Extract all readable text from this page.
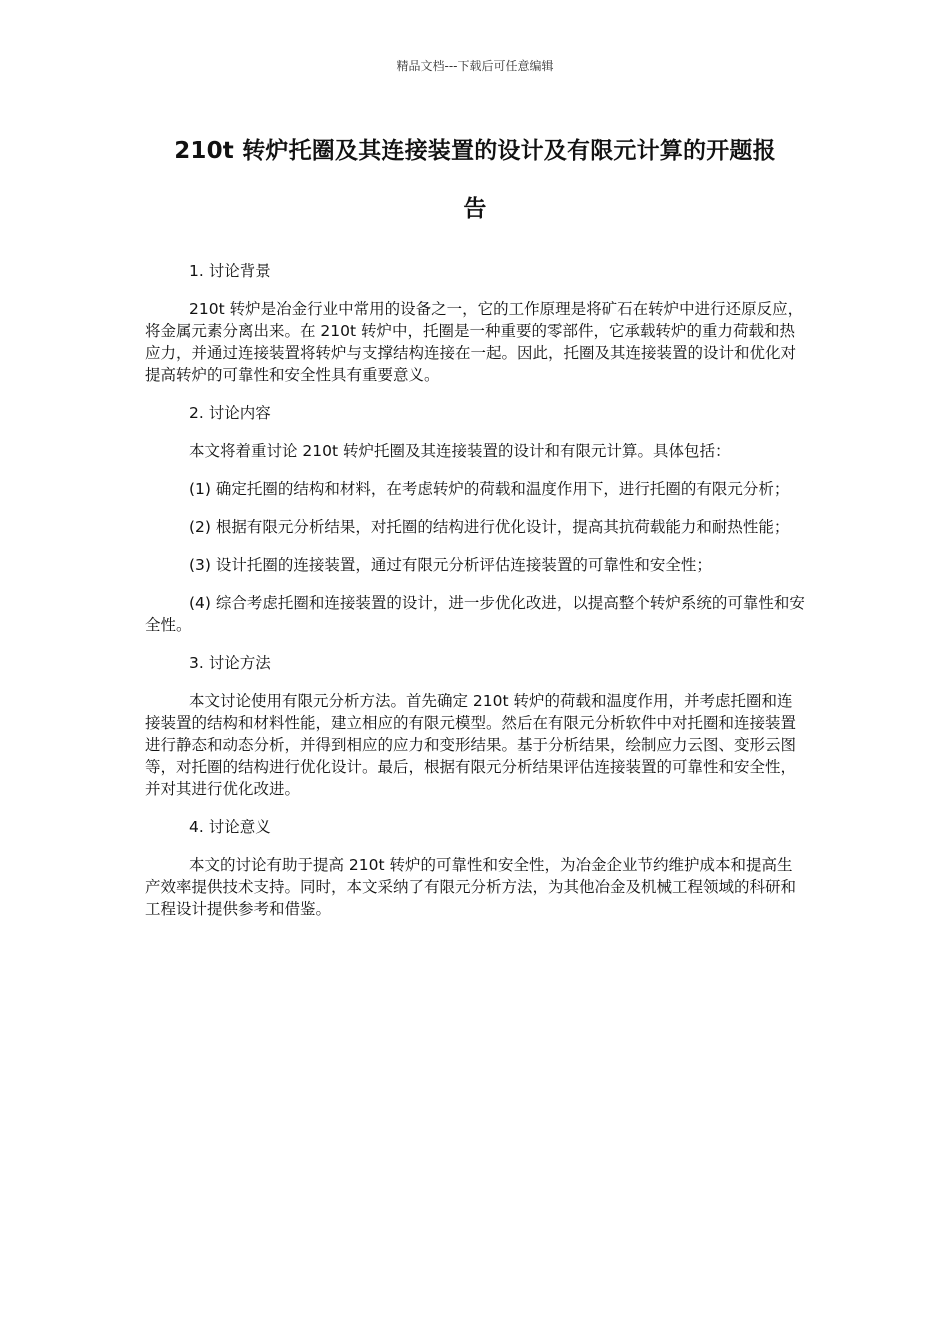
精品文档---下载后可任意编辑
210t 转炉托圈及其连接装置的设计及有限元计算的开题报
告

1. 讨论背景

210t 转炉是冶金行业中常用的设备之一，它的工作原理是将矿石在转炉中进行还原反应，将金属元素分离出来。在 210t 转炉中，托圈是一种重要的零部件，它承载转炉的重力荷载和热应力，并通过连接装置将转炉与支撑结构连接在一起。因此，托圈及其连接装置的设计和优化对提高转炉的可靠性和安全性具有重要意义。

2. 讨论内容

本文将着重讨论 210t 转炉托圈及其连接装置的设计和有限元计算。具体包括：

(1) 确定托圈的结构和材料，在考虑转炉的荷载和温度作用下，进行托圈的有限元分析；

(2) 根据有限元分析结果，对托圈的结构进行优化设计，提高其抗荷载能力和耐热性能；

(3) 设计托圈的连接装置，通过有限元分析评估连接装置的可靠性和安全性；

(4) 综合考虑托圈和连接装置的设计，进一步优化改进，以提高整个转炉系统的可靠性和安全性。

3. 讨论方法

本文讨论使用有限元分析方法。首先确定 210t 转炉的荷载和温度作用，并考虑托圈和连接装置的结构和材料性能，建立相应的有限元模型。然后在有限元分析软件中对托圈和连接装置进行静态和动态分析，并得到相应的应力和变形结果。基于分析结果，绘制应力云图、变形云图等，对托圈的结构进行优化设计。最后，根据有限元分析结果评估连接装置的可靠性和安全性，并对其进行优化改进。

4. 讨论意义

本文的讨论有助于提高 210t 转炉的可靠性和安全性，为冶金企业节约维护成本和提高生产效率提供技术支持。同时，本文采纳了有限元分析方法，为其他冶金及机械工程领域的科研和工程设计提供参考和借鉴。
